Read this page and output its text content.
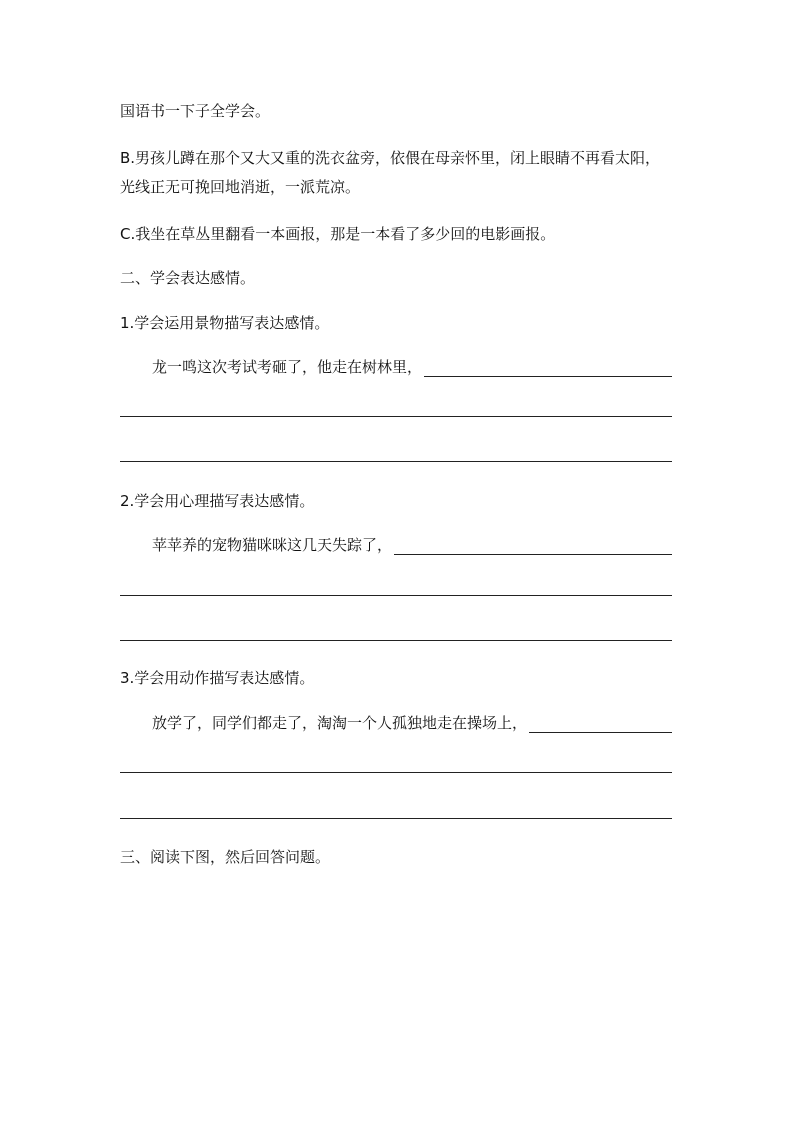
国语书一下子全学会。
B.男孩儿蹲在那个又大又重的洗衣盆旁，依偎在母亲怀里，闭上眼睛不再看太阳，
光线正无可挽回地消逝，一派荒凉。
C.我坐在草丛里翻看一本画报，那是一本看了多少回的电影画报。
二、学会表达感情。
1.学会运用景物描写表达感情。
龙一鸣这次考试考砸了，他走在树林里，
2.学会用心理描写表达感情。
苹苹养的宠物猫咪咪这几天失踪了，
3.学会用动作描写表达感情。
放学了，同学们都走了，淘淘一个人孤独地走在操场上，
三、阅读下图，然后回答问题。
